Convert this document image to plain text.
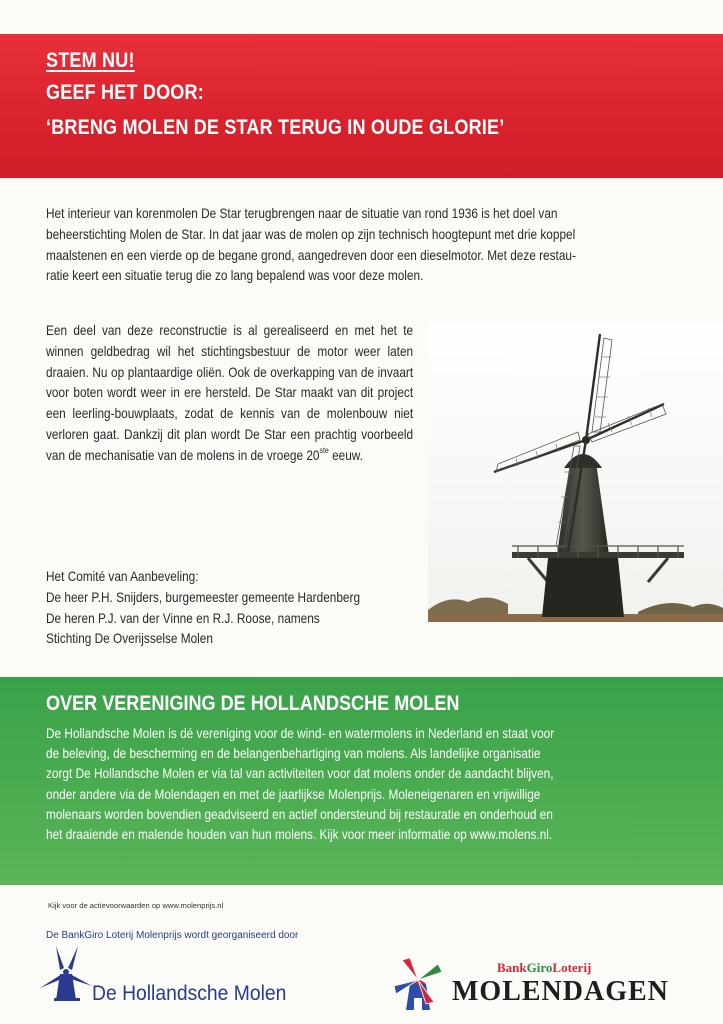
STEM NU!
GEEF HET DOOR:
‘BRENG MOLEN DE STAR TERUG IN OUDE GLORIE’

Het interieur van korenmolen De Star terugbrengen naar de situatie van rond 1936 is het doel van

beheerstichting Molen de Star. In dat jaar was de molen op zijn technisch hoogtepunt met drie koppel

maalstenen en een vierde op de begane grond, aangedreven door een dieselmotor. Met deze restau-

ratie keert een situatie terug die zo lang bepalend was voor deze molen.

Een deel van deze reconstructie is al gerealiseerd en met het te winnen geldbedrag wil het stichtingsbestuur de motor weer laten draaien. Nu op plantaardige oliën. Ook de overkapping van de invaart voor boten wordt weer in ere hersteld. De Star maakt van dit project een leerling-bouwplaats, zodat de kennis van de molenbouw niet verloren gaat. Dankzij dit plan wordt De Star een prachtig voorbeeld van de mechanisatie van de molens in de vroege 20ste eeuw.

Het Comité van Aanbeveling:

De heer P.H. Snijders, burgemeester gemeente Hardenberg

De heren P.J. van der Vinne en R.J. Roose, namens

Stichting De Overijsselse Molen

OVER VERENIGING DE HOLLANDSCHE MOLEN

De Hollandsche Molen is dé vereniging voor de wind- en watermolens in Nederland en staat voor

de beleving, de bescherming en de belangenbehartiging van molens. Als landelijke organisatie

zorgt De Hollandsche Molen er via tal van activiteiten voor dat molens onder de aandacht blijven,

onder andere via de Molendagen en met de jaarlijkse Molenprijs. Moleneigenaren en vrijwillige

molenaars worden bovendien geadviseerd en actief ondersteund bij restauratie en onderhoud en

het draaiende en malende houden van hun molens. Kijk voor meer informatie op www.molens.nl.

Kijk voor de actievoorwaarden op www.molenprijs.nl
De BankGiro Loterij Molenprijs wordt georganiseerd door
De Hollandsche Molen
BankGiroLoterij
MOLENDAGEN
